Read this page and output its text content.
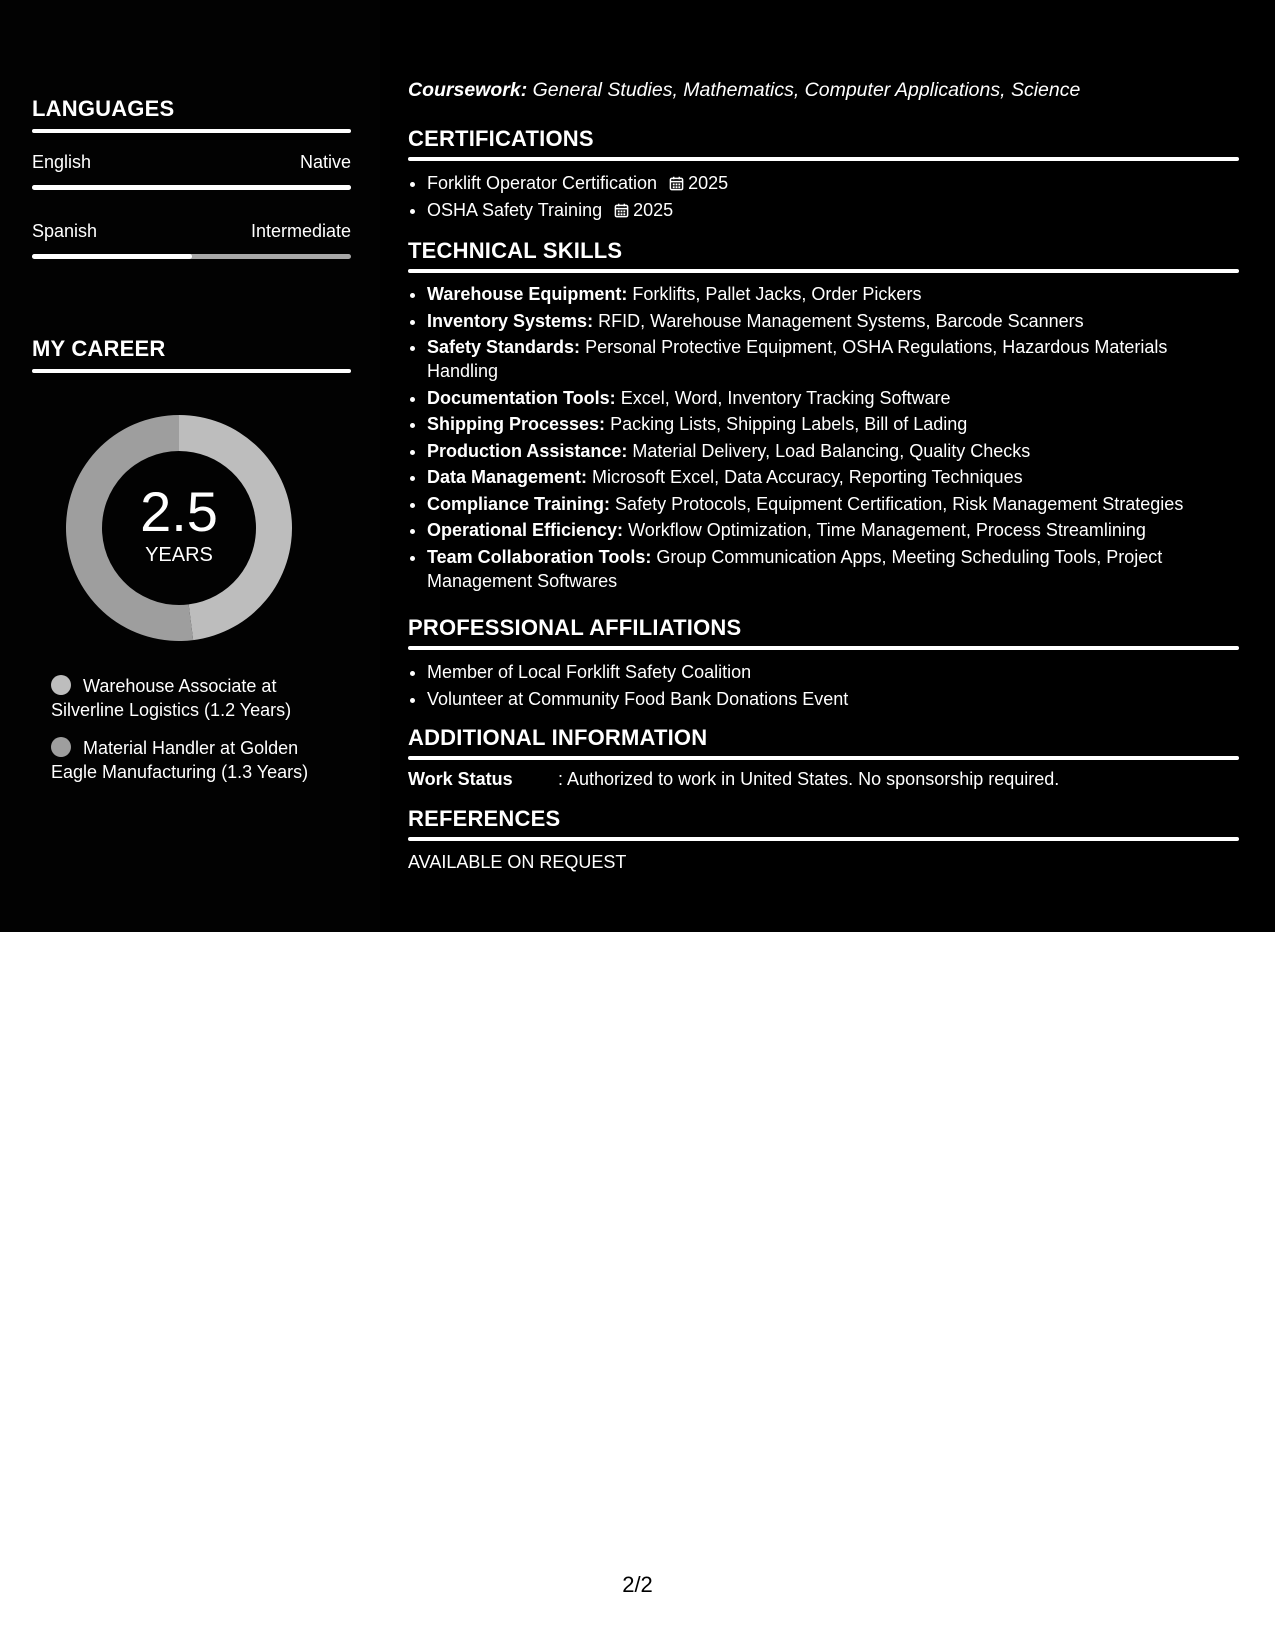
LANGUAGES
English	Native
Spanish	Intermediate
MY CAREER
2.5
YEARS
Warehouse Associate at Silverline Logistics (1.2 Years)
Material Handler at Golden Eagle Manufacturing (1.3 Years)
Coursework: General Studies, Mathematics, Computer Applications, Science
CERTIFICATIONS
• Forklift Operator Certification 2025
• OSHA Safety Training 2025
TECHNICAL SKILLS
• Warehouse Equipment: Forklifts, Pallet Jacks, Order Pickers
• Inventory Systems: RFID, Warehouse Management Systems, Barcode Scanners
• Safety Standards: Personal Protective Equipment, OSHA Regulations, Hazardous Materials Handling
• Documentation Tools: Excel, Word, Inventory Tracking Software
• Shipping Processes: Packing Lists, Shipping Labels, Bill of Lading
• Production Assistance: Material Delivery, Load Balancing, Quality Checks
• Data Management: Microsoft Excel, Data Accuracy, Reporting Techniques
• Compliance Training: Safety Protocols, Equipment Certification, Risk Management Strategies
• Operational Efficiency: Workflow Optimization, Time Management, Process Streamlining
• Team Collaboration Tools: Group Communication Apps, Meeting Scheduling Tools, Project Management Softwares
PROFESSIONAL AFFILIATIONS
• Member of Local Forklift Safety Coalition
• Volunteer at Community Food Bank Donations Event
ADDITIONAL INFORMATION
Work Status	: Authorized to work in United States. No sponsorship required.
REFERENCES
AVAILABLE ON REQUEST
2/2
